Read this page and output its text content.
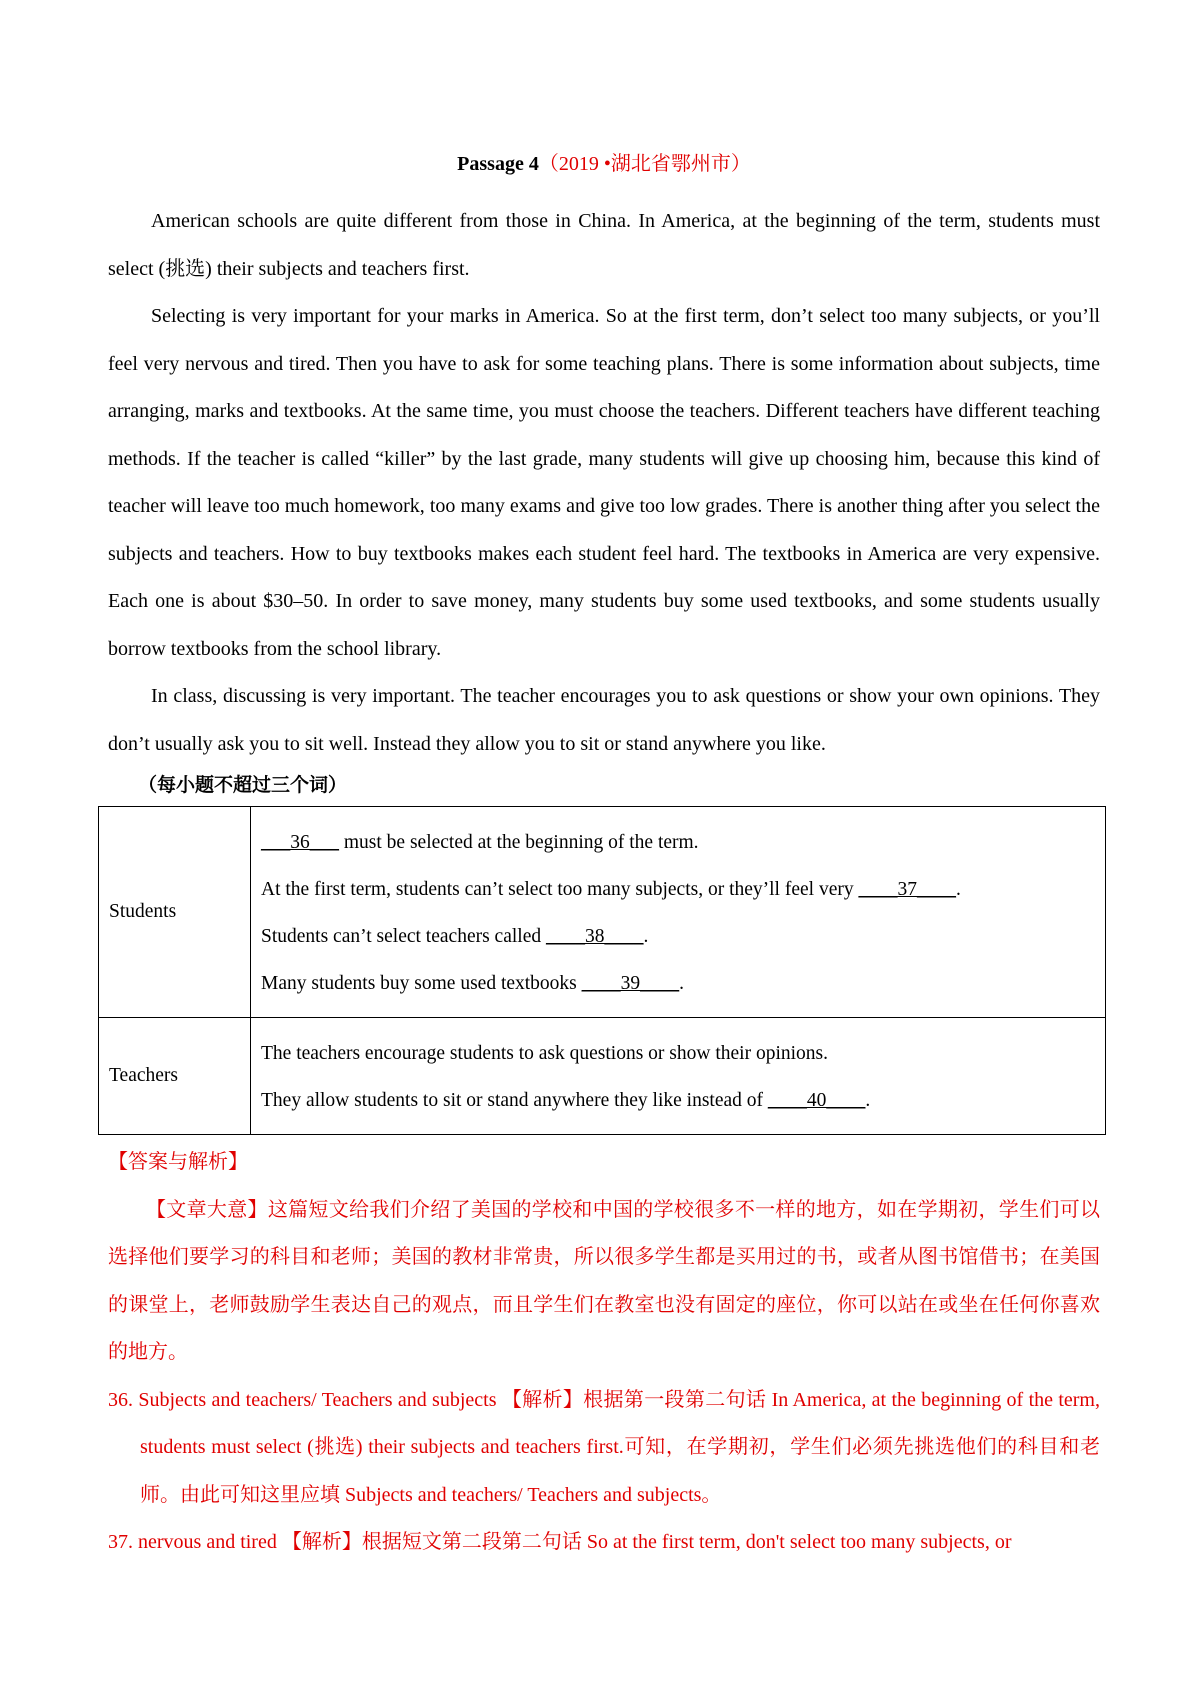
Passage 4（2019 •湖北省鄂州市）

American schools are quite different from those in China. In America, at the beginning of the term, students must select (挑选) their subjects and teachers first.

Selecting is very important for your marks in America. So at the first term, don’t select too many subjects, or you’ll feel very nervous and tired. Then you have to ask for some teaching plans. There is some information about subjects, time arranging, marks and textbooks. At the same time, you must choose the teachers. Different teachers have different teaching methods. If the teacher is called “killer” by the last grade, many students will give up choosing him, because this kind of teacher will leave too much homework, too many exams and give too low grades. There is another thing after you select the subjects and teachers. How to buy textbooks makes each student feel hard. The textbooks in America are very expensive. Each one is about $30–50. In order to save money, many students buy some used textbooks, and some students usually borrow textbooks from the school library.

In class, discussing is very important. The teacher encourages you to ask questions or show your own opinions. They don’t usually ask you to sit well. Instead they allow you to sit or stand anywhere you like.

（每小题不超过三个词）
Students	___36___ must be selected at the beginning of the term.
At the first term, students can’t select too many subjects, or they’ll feel very ____37____.
Students can’t select teachers called ____38____.
Many students buy some used textbooks ____39____.

Teachers	The teachers encourage students to ask questions or show their opinions.
They allow students to sit or stand anywhere they like instead of ____40____.

【答案与解析】

【文章大意】这篇短文给我们介绍了美国的学校和中国的学校很多不一样的地方，如在学期初，学生们可以选择他们要学习的科目和老师；美国的教材非常贵，所以很多学生都是买用过的书，或者从图书馆借书；在美国的课堂上，老师鼓励学生表达自己的观点，而且学生们在教室也没有固定的座位，你可以站在或坐在任何你喜欢的地方。

36. Subjects and teachers/ Teachers and subjects 【解析】根据第一段第二句话 In America, at the beginning of the term, students must select (挑选) their subjects and teachers first.可知，在学期初，学生们必须先挑选他们的科目和老师。由此可知这里应填 Subjects and teachers/ Teachers and subjects。

37. nervous and tired 【解析】根据短文第二段第二句话 So at the first term, don't select too many subjects, or
